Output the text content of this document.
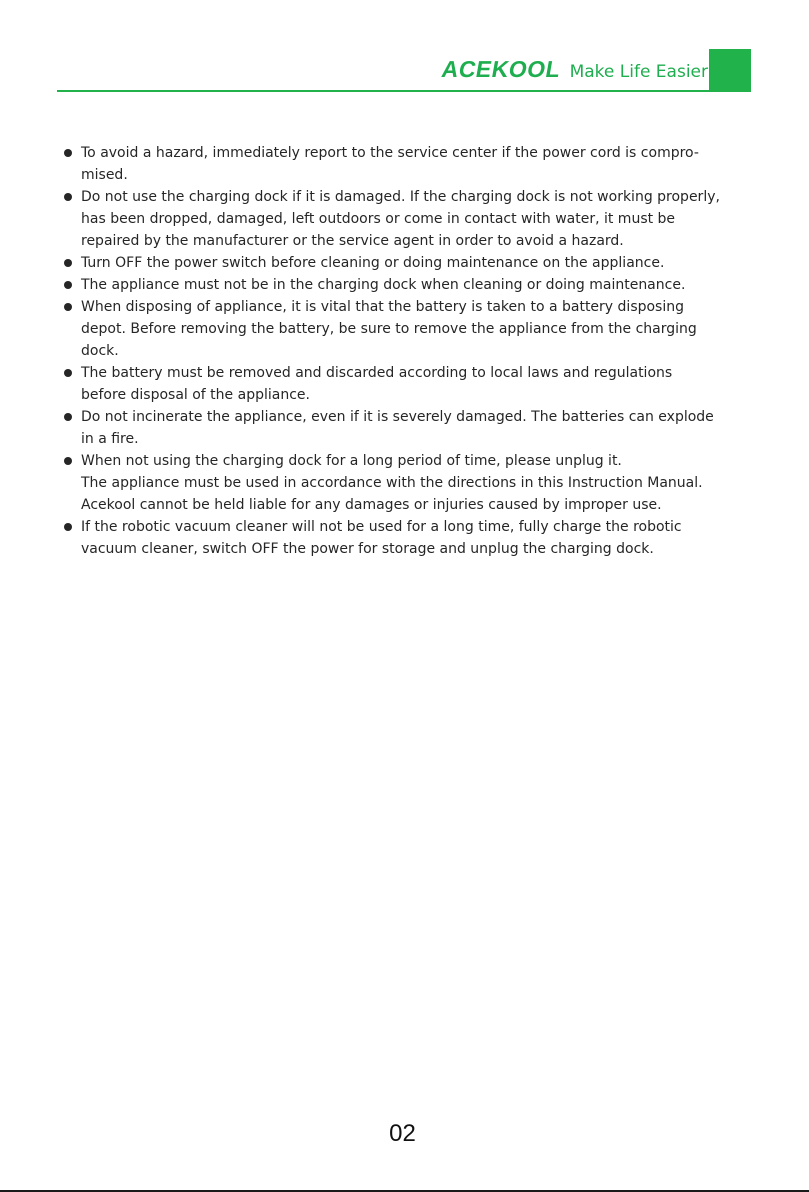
ACEKOOL Make Life Easier
To avoid a hazard, immediately report to the service center if the power cord is compro-
mised.
Do not use the charging dock if it is damaged. If the charging dock is not working properly,
has been dropped, damaged, left outdoors or come in contact with water, it must be
repaired by the manufacturer or the service agent in order to avoid a hazard.
Turn OFF the power switch before cleaning or doing maintenance on the appliance.
The appliance must not be in the charging dock when cleaning or doing maintenance.
When disposing of appliance, it is vital that the battery is taken to a battery disposing
depot. Before removing the battery, be sure to remove the appliance from the charging
dock.
The battery must be removed and discarded according to local laws and regulations
before disposal of the appliance.
Do not incinerate the appliance, even if it is severely damaged. The batteries can explode
in a fire.
When not using the charging dock for a long period of time, please unplug it.
The appliance must be used in accordance with the directions in this Instruction Manual.
Acekool cannot be held liable for any damages or injuries caused by improper use.
If the robotic vacuum cleaner will not be used for a long time, fully charge the robotic
vacuum cleaner, switch OFF the power for storage and unplug the charging dock.
02
